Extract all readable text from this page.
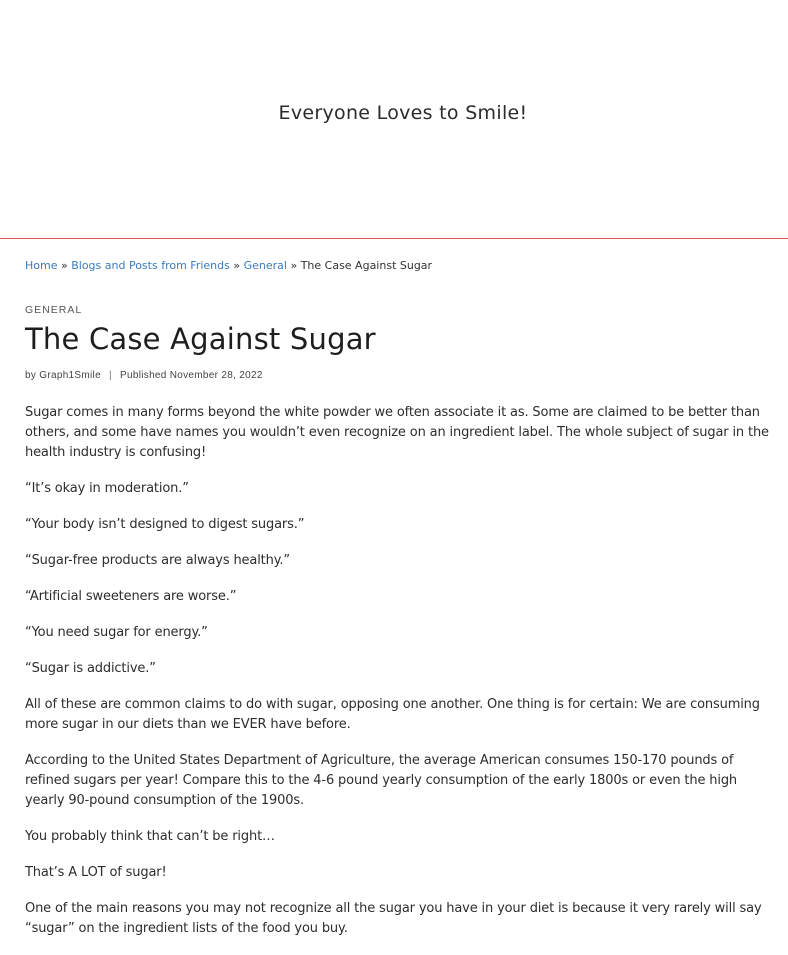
Everyone Loves to Smile!
Home » Blogs and Posts from Friends » General » The Case Against Sugar
GENERAL
The Case Against Sugar
by Graph1Smile | Published November 28, 2022

Sugar comes in many forms beyond the white powder we often associate it as. Some are claimed to be better than others, and some have names you wouldn’t even recognize on an ingredient label. The whole subject of sugar in the health industry is confusing!

“It’s okay in moderation.”

“Your body isn’t designed to digest sugars.”

“Sugar-free products are always healthy.”

“Artificial sweeteners are worse.”

“You need sugar for energy.”

“Sugar is addictive.”

All of these are common claims to do with sugar, opposing one another. One thing is for certain: We are consuming more sugar in our diets than we EVER have before.

According to the United States Department of Agriculture, the average American consumes 150-170 pounds of refined sugars per year! Compare this to the 4-6 pound yearly consumption of the early 1800s or even the high yearly 90-pound consumption of the 1900s.

You probably think that can’t be right…

That’s A LOT of sugar!

One of the main reasons you may not recognize all the sugar you have in your diet is because it very rarely will say “sugar” on the ingredient lists of the food you buy.
